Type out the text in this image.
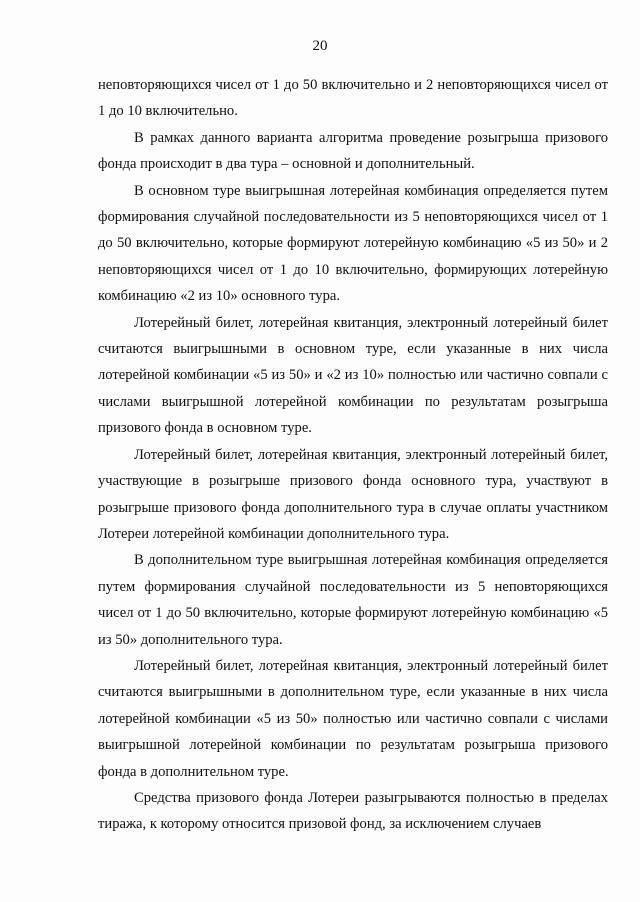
20

неповторяющихся чисел от 1 до 50 включительно и 2 неповторяющихся чисел от 1 до 10 включительно.

В рамках данного варианта алгоритма проведение розыгрыша призового фонда происходит в два тура – основной и дополнительный.

В основном туре выигрышная лотерейная комбинация определяется путем формирования случайной последовательности из 5 неповторяющихся чисел от 1 до 50 включительно, которые формируют лотерейную комбинацию «5 из 50» и 2 неповторяющихся чисел от 1 до 10 включительно, формирующих лотерейную комбинацию «2 из 10» основного тура.

Лотерейный билет, лотерейная квитанция, электронный лотерейный билет считаются выигрышными в основном туре, если указанные в них числа лотерейной комбинации «5 из 50» и «2 из 10» полностью или частично совпали с числами выигрышной лотерейной комбинации по результатам розыгрыша призового фонда в основном туре.

Лотерейный билет, лотерейная квитанция, электронный лотерейный билет, участвующие в розыгрыше призового фонда основного тура, участвуют в розыгрыше призового фонда дополнительного тура в случае оплаты участником Лотереи лотерейной комбинации дополнительного тура.

В дополнительном туре выигрышная лотерейная комбинация определяется путем формирования случайной последовательности из 5 неповторяющихся чисел от 1 до 50 включительно, которые формируют лотерейную комбинацию «5 из 50» дополнительного тура.

Лотерейный билет, лотерейная квитанция, электронный лотерейный билет считаются выигрышными в дополнительном туре, если указанные в них числа лотерейной комбинации «5 из 50» полностью или частично совпали с числами выигрышной лотерейной комбинации по результатам розыгрыша призового фонда в дополнительном туре.

Средства призового фонда Лотереи разыгрываются полностью в пределах тиража, к которому относится призовой фонд, за исключением случаев
